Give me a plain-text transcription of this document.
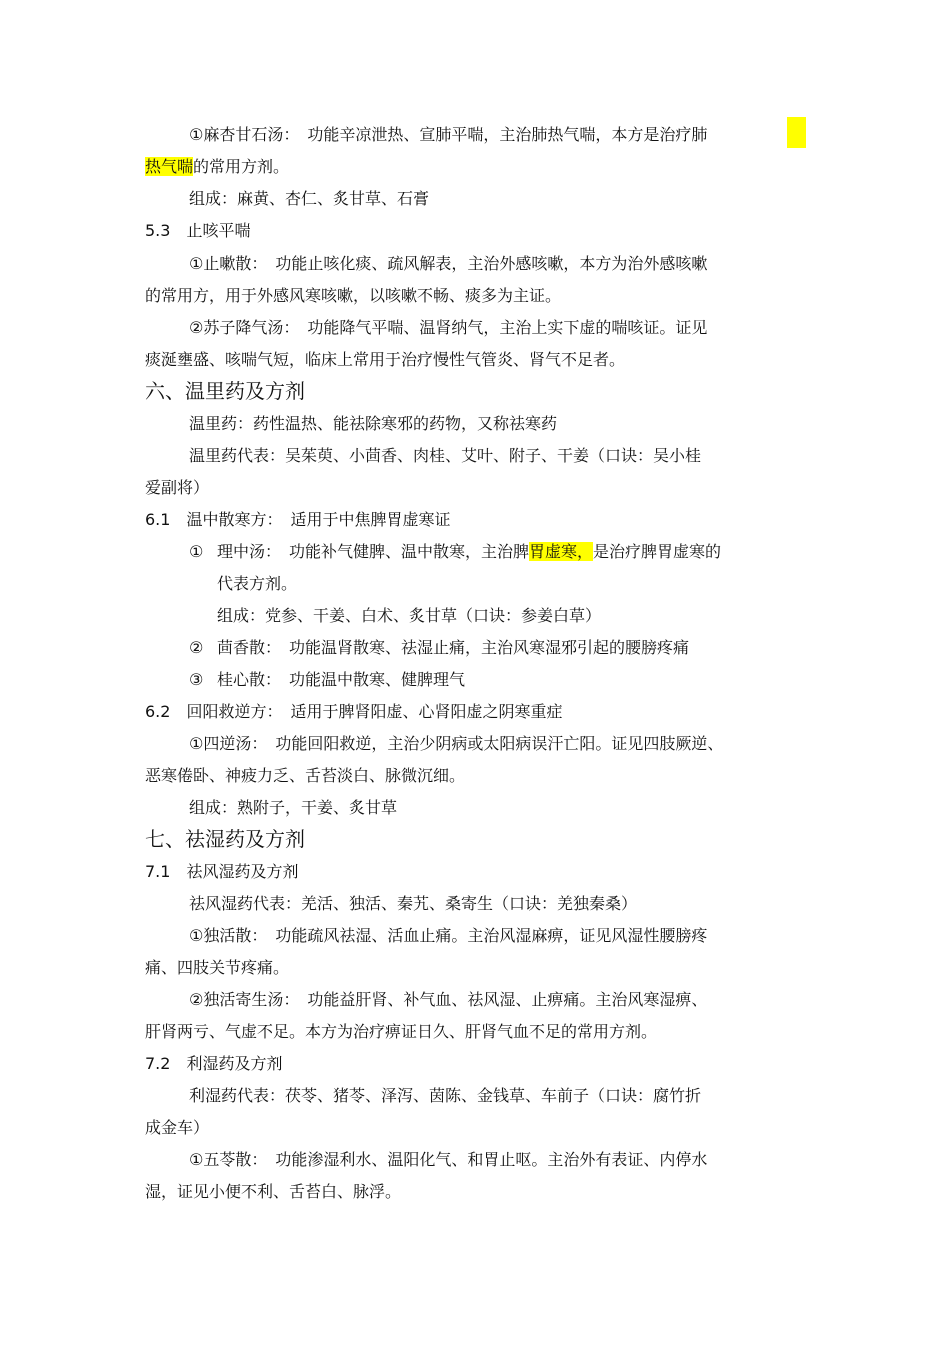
①麻杏甘石汤：　功能辛凉泄热、宣肺平喘，主治肺热气喘，本方是治疗肺
热气喘的常用方剂。
组成：麻黄、杏仁、炙甘草、石膏
5.3　止咳平喘
①止嗽散：　功能止咳化痰、疏风解表，主治外感咳嗽，本方为治外感咳嗽
的常用方，用于外感风寒咳嗽，以咳嗽不畅、痰多为主证。
②苏子降气汤：　功能降气平喘、温肾纳气，主治上实下虚的喘咳证。证见
痰涎壅盛、咳喘气短，临床上常用于治疗慢性气管炎、肾气不足者。
六、温里药及方剂
温里药：药性温热、能祛除寒邪的药物，又称祛寒药
温里药代表：吴茱萸、小茴香、肉桂、艾叶、附子、干姜（口诀：吴小桂
爱副将）
6.1　温中散寒方：　适用于中焦脾胃虚寒证
① 理中汤：　功能补气健脾、温中散寒，主治脾胃虚寒，是治疗脾胃虚寒的
代表方剂。
组成：党参、干姜、白术、炙甘草（口诀：参姜白草）
② 茴香散：　功能温肾散寒、祛湿止痛，主治风寒湿邪引起的腰膀疼痛
③ 桂心散：　功能温中散寒、健脾理气
6.2　回阳救逆方：　适用于脾肾阳虚、心肾阳虚之阴寒重症
①四逆汤：　功能回阳救逆，主治少阴病或太阳病误汗亡阳。证见四肢厥逆、
恶寒倦卧、神疲力乏、舌苔淡白、脉微沉细。
组成：熟附子，干姜、炙甘草
七、祛湿药及方剂
7.1　祛风湿药及方剂
祛风湿药代表：羌活、独活、秦艽、桑寄生（口诀：羌独秦桑）
①独活散：　功能疏风祛湿、活血止痛。主治风湿麻痹，证见风湿性腰膀疼
痛、四肢关节疼痛。
②独活寄生汤：　功能益肝肾、补气血、祛风湿、止痹痛。主治风寒湿痹、
肝肾两亏、气虚不足。本方为治疗痹证日久、肝肾气血不足的常用方剂。
7.2　利湿药及方剂
利湿药代表：茯苓、猪苓、泽泻、茵陈、金钱草、车前子（口诀：腐竹折
成金车）
①五苓散：　功能渗湿利水、温阳化气、和胃止呕。主治外有表证、内停水
湿，证见小便不利、舌苔白、脉浮。
